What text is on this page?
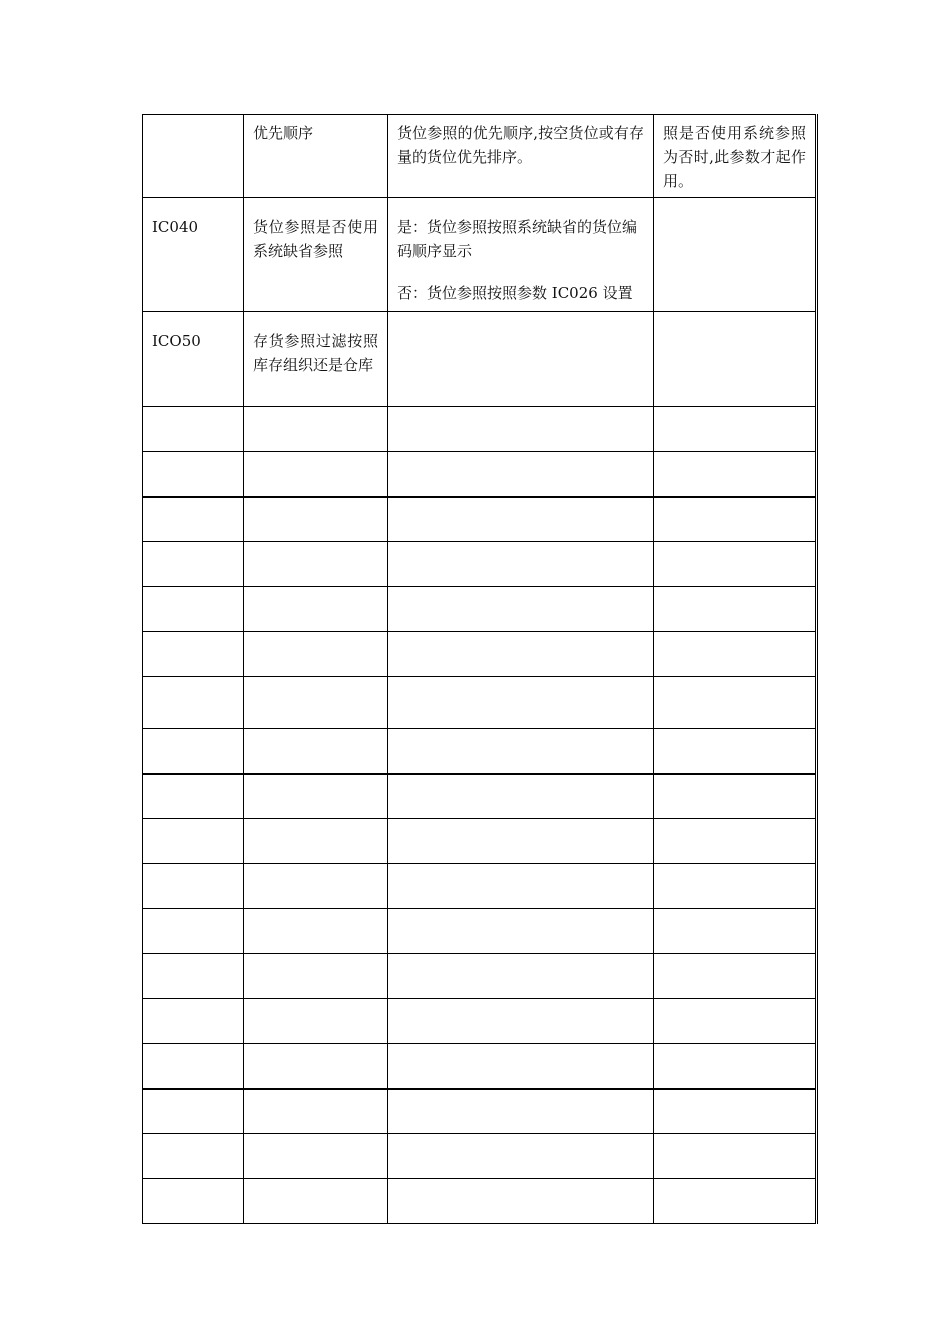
	优先顺序	货位参照的优先顺序,按空货位或有存量的货位优先排序。	照是否使用系统参照为否时,此参数才起作用。
IC040	货位参照是否使用系统缺省参照	是：货位参照按照系统缺省的货位编码顺序显示
否：货位参照按照参数 IC026 设置	

ICO50	存货参照过滤按照库存组织还是仓库		
